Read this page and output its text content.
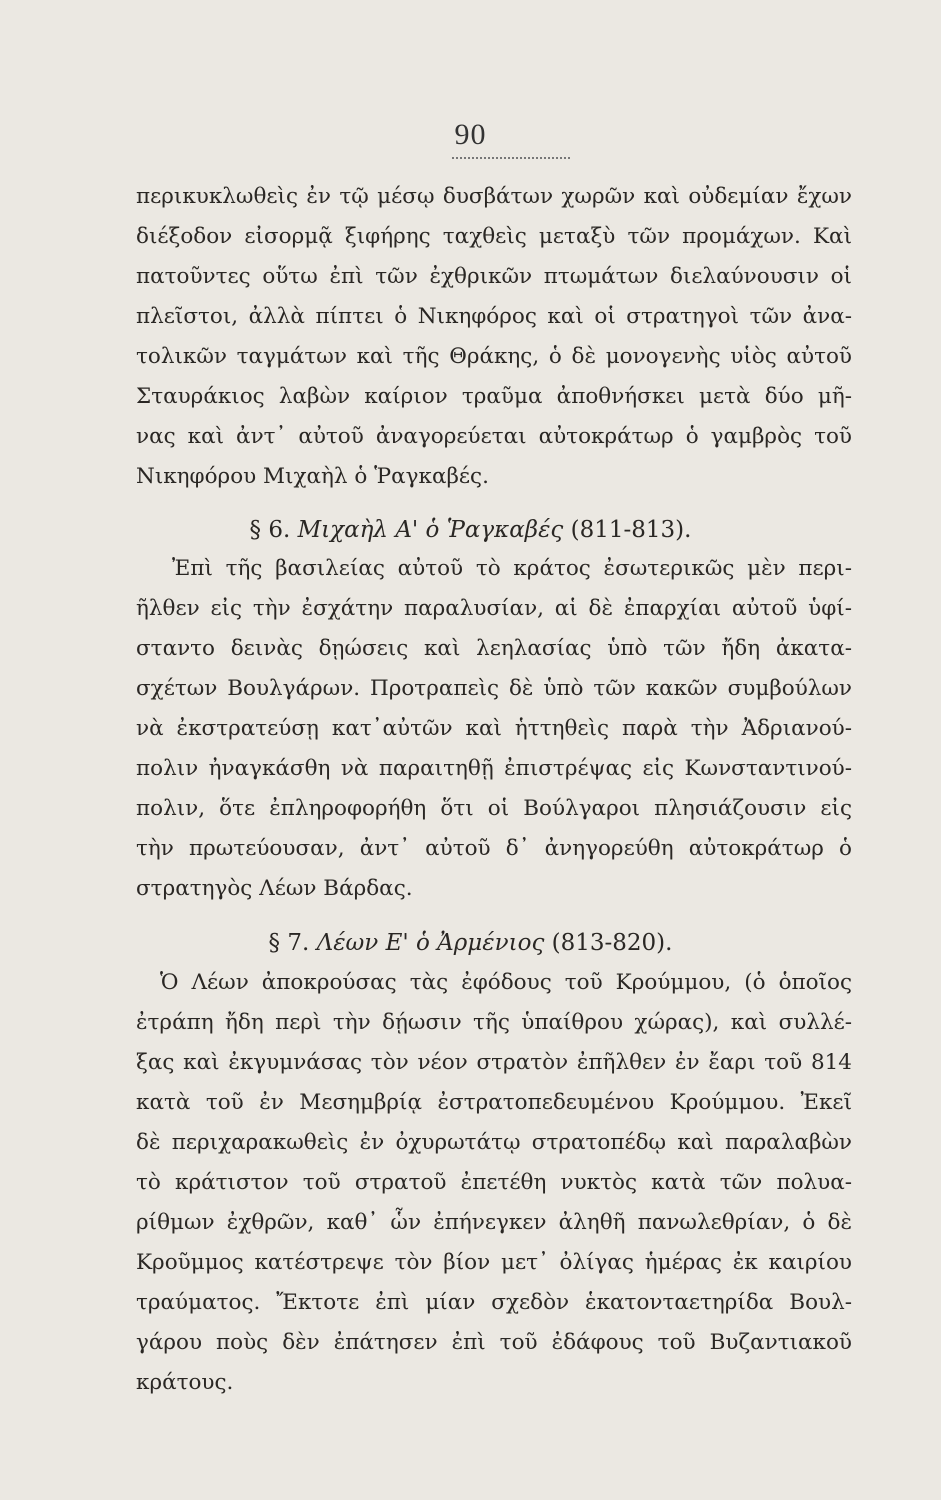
90
περικυκλωθεὶς ἐν τῷ μέσῳ δυσβάτων χωρῶν καὶ οὐδεμίαν ἔχων
διέξοδον εἰσορμᾷ ξιφήρης ταχθεὶς μεταξὺ τῶν προμάχων. Καὶ
πατοῦντες οὕτω ἐπὶ τῶν ἐχθρικῶν πτωμάτων διελαύνουσιν οἱ
πλεῖστοι, ἀλλὰ πίπτει ὁ Νικηφόρος καὶ οἱ στρατηγοὶ τῶν ἀνα-
τολικῶν ταγμάτων καὶ τῆς Θράκης, ὁ δὲ μονογενὴς υἱὸς αὐτοῦ
Σταυράκιος λαβὼν καίριον τραῦμα ἀποθνήσκει μετὰ δύο μῆ-
νας καὶ ἀντ᾿ αὐτοῦ ἀναγορεύεται αὐτοκράτωρ ὁ γαμβρὸς τοῦ
Νικηφόρου Μιχαὴλ ὁ Ῥαγκαβές.
§ 6. Μιχαὴλ Α' ὁ Ῥαγκαβές (811-813).
Ἐπὶ τῆς βασιλείας αὐτοῦ τὸ κράτος ἐσωτερικῶς μὲν περι-
ῆλθεν εἰς τὴν ἐσχάτην παραλυσίαν, αἱ δὲ ἐπαρχίαι αὐτοῦ ὑφί-
σταντο δεινὰς δῃώσεις καὶ λεηλασίας ὑπὸ τῶν ἤδη ἀκατα-
σχέτων Βουλγάρων. Προτραπεὶς δὲ ὑπὸ τῶν κακῶν συμβούλων
νὰ ἐκστρατεύσῃ κατ᾿αὐτῶν καὶ ἡττηθεὶς παρὰ τὴν Ἀδριανού-
πολιν ἠναγκάσθη νὰ παραιτηθῇ ἐπιστρέψας εἰς Κωνσταντινού-
πολιν, ὅτε ἐπληροφορήθη ὅτι οἱ Βούλγαροι πλησιάζουσιν εἰς
τὴν πρωτεύουσαν, ἀντ᾿ αὐτοῦ δ᾿ ἀνηγορεύθη αὐτοκράτωρ ὁ
στρατηγὸς Λέων Βάρδας.
§ 7. Λέων Ε' ὁ Ἀρμένιος (813-820).
Ὁ Λέων ἀποκρούσας τὰς ἐφόδους τοῦ Κρούμμου, (ὁ ὁποῖος
ἐτράπη ἤδη περὶ τὴν δῄωσιν τῆς ὑπαίθρου χώρας), καὶ συλλέ-
ξας καὶ ἐκγυμνάσας τὸν νέον στρατὸν ἐπῆλθεν ἐν ἔαρι τοῦ 814
κατὰ τοῦ ἐν Μεσημβρίᾳ ἐστρατοπεδευμένου Κρούμμου. Ἐκεῖ
δὲ περιχαρακωθεὶς ἐν ὀχυρωτάτῳ στρατοπέδῳ καὶ παραλαβὼν
τὸ κράτιστον τοῦ στρατοῦ ἐπετέθη νυκτὸς κατὰ τῶν πολυα-
ρίθμων ἐχθρῶν, καθ᾿ ὧν ἐπήνεγκεν ἀληθῆ πανωλεθρίαν, ὁ δὲ
Κροῦμμος κατέστρεψε τὸν βίον μετ᾿ ὀλίγας ἡμέρας ἐκ καιρίου
τραύματος. Ἔκτοτε ἐπὶ μίαν σχεδὸν ἑκατονταετηρίδα Βουλ-
γάρου ποὺς δὲν ἐπάτησεν ἐπὶ τοῦ ἐδάφους τοῦ Βυζαντιακοῦ
κράτους.
